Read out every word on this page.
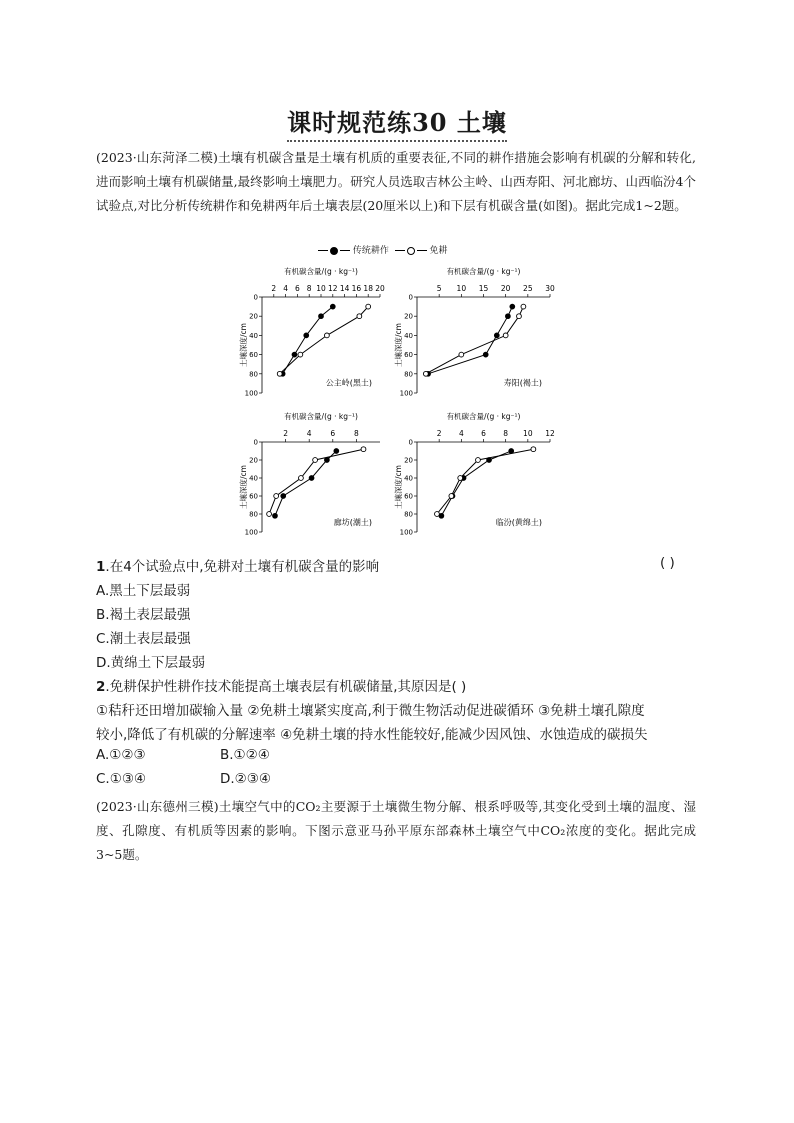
课时规范练30 土壤

(2023·山东菏泽二模)土壤有机碳含量是土壤有机质的重要表征,不同的耕作措施会影响有机碳的分解和转化,进而影响土壤有机碳储量,最终影响土壤肥力。研究人员选取吉林公主岭、山西寿阳、河北廊坊、山西临汾4个试验点,对比分析传统耕作和免耕两年后土壤表层(20厘米以上)和下层有机碳含量(如图)。据此完成1~2题。

传统耕作	免耕
有机碳含量/(g · kg⁻¹)
2 4 6 8 10 12 14 16 18 20
0
20
40
60
80
100
土壤深度/cm
公主岭(黑土)
有机碳含量/(g · kg⁻¹)
5 10 15 20 25 30
0
20
40
60
80
100
土壤深度/cm
寿阳(褐土)
有机碳含量/(g · kg⁻¹)
2	4	6	8
0
20
40
60
80
100
土壤深度/cm
廊坊(潮土)
有机碳含量/(g · kg⁻¹)
2 4 6 8 10 12
0
20
40
60
80
100
土壤深度/cm
临汾(黄绵土)

1.在4个试验点中,免耕对土壤有机碳含量的影响	( )

A.黑土下层最弱

B.褐土表层最强

C.潮土表层最强

D.黄绵土下层最弱

2.免耕保护性耕作技术能提高土壤表层有机碳储量,其原因是( )

①秸秆还田增加碳输入量 ②免耕土壤紧实度高,利于微生物活动促进碳循环 ③免耕土壤孔隙度

较小,降低了有机碳的分解速率 ④免耕土壤的持水性能较好,能减少因风蚀、水蚀造成的碳损失

A.①②③	B.①②④

C.①③④	D.②③④

(2023·山东德州三模)土壤空气中的CO₂主要源于土壤微生物分解、根系呼吸等,其变化受到土壤的温度、湿度、孔隙度、有机质等因素的影响。下图示意亚马孙平原东部森林土壤空气中CO₂浓度的变化。据此完成3~5题。
